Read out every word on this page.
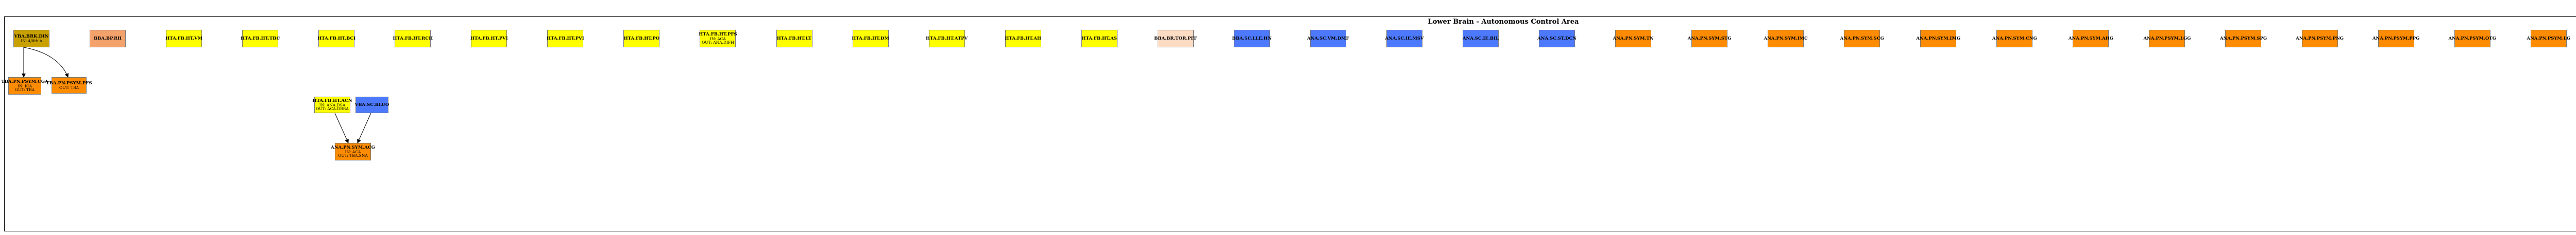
Lower Brain - Autonomous Control Area
VBA.BRK.DIN
IN: 4/8th h	BBA.BP.RH	HTA.FB.HT.VM	HTA.FB.HT.TBC	HTA.FB.HT.BCI	HTA.FB.HT.RCH	HTA.FB.HT.PVI	HTA.FB.HT.PVI	HTA.FB.HT.PO
HTA.FB.HT.PFS
IN: ACA
OUT: ANA.DIFH
HTA.FB.HT.LT	HTA.FB.HT.DM	HTA.FB.HT.ATPV	HTA.FB.HT.AH	HTA.FB.HT.AS	BBA.BR.TOR.PFF	BBA.SC.LLE.HN	ANA.SC.VM.DMF	ANA.SC.IE.MSV	ANA.SC.IE.BIL	ANA.SC.ST.DCN	ANA.PN.SYM.TN	ANA.PN.SYM.STG	ANA.PN.SYM.IMC	ANA.PN.SYM.SCG	ANA.PN.SYM.IMG	ANA.PN.SYM.CNG	ANA.PN.SYM.AHG	ANA.PN.PSYM.LGG	ANA.PN.PSYM.SPG	ANA.PN.PSYM.PNG	ANA.PN.PSYM.PPG	ANA.PN.PSYM.OTG	ANA.PN.PSYM.LG
TBA.PN.PSYM.CGA
IN: ICA
OUT: TBA
TBA.PN.PSYM.PFS
OUT: TBA
HTA.FB.HT.ACN
IN: ANA.DSA
OUT: ACA.DBRA
VBA.SC.BLUO
ANA.PN.SYM.ACG
IN: ACA
OUT: TBA.SNA
